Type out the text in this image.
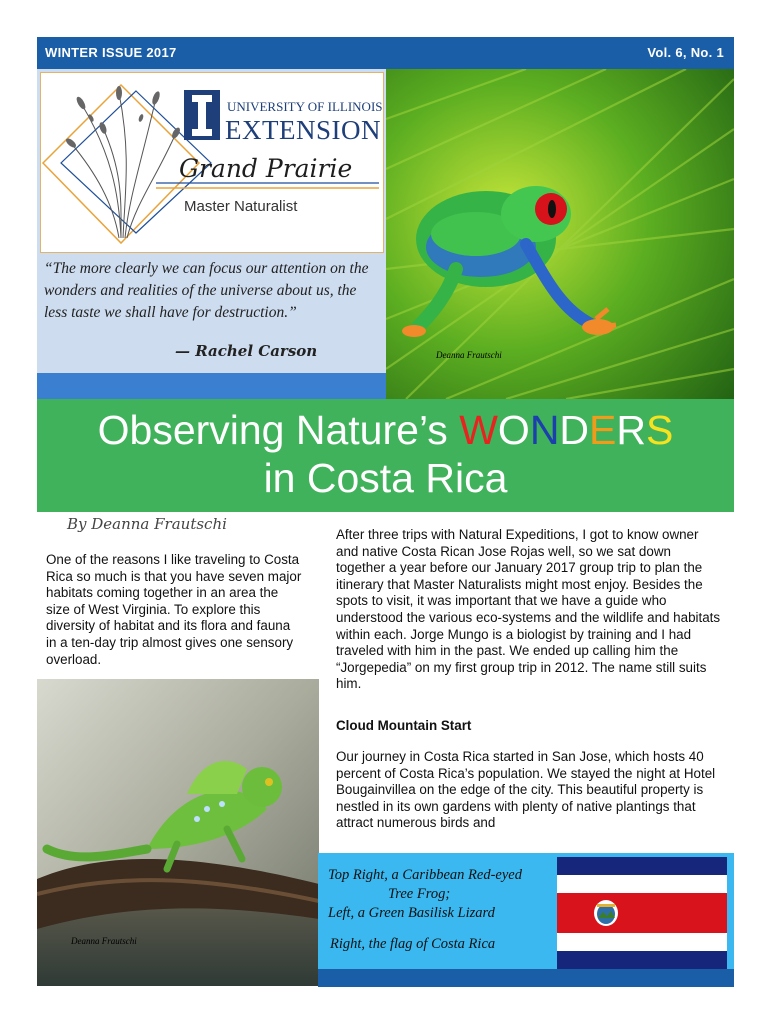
WINTER ISSUE 2017	Vol. 6, No. 1
UNIVERSITY OF ILLINOIS
EXTENSION
Grand Prairie
Master Naturalist
“The more clearly we can focus our attention on the wonders and realities of the universe about us, the less taste we shall have for destruction.”
— Rachel Carson	Deanna Frautschi
Observing Nature’s WONDERS
in Costa Rica
By Deanna Frautschi
One of the reasons I like traveling to Costa Rica so much is that you have seven major habitats coming together in an area the size of West Virginia. To explore this diversity of habitat and its flora and fauna in a ten-day trip almost gives one sensory overload.
After three trips with Natural Expeditions, I got to know owner and native Costa Rican Jose Rojas well, so we sat down together a year before our January 2017 group trip to plan the itinerary that Master Naturalists might most enjoy. Besides the spots to visit, it was important that we have a guide who understood the various eco-systems and the wildlife and habitats within each. Jorge Mungo is a biologist by training and I had traveled with him in the past. We ended up calling him the “Jorgepedia” on my first group trip in 2012. The name still suits him.
Cloud Mountain Start
Our journey in Costa Rica started in San Jose, which hosts 40 percent of Costa Rica’s population. We stayed the night at Hotel Bougainvillea on the edge of the city. This beautiful property is nestled in its own gardens with plenty of native plantings that attract numerous birds and
Deanna Frautschi
Top Right, a Caribbean Red-eyed
Tree Frog;
Left, a Green Basilisk Lizard
Right, the flag of Costa Rica
